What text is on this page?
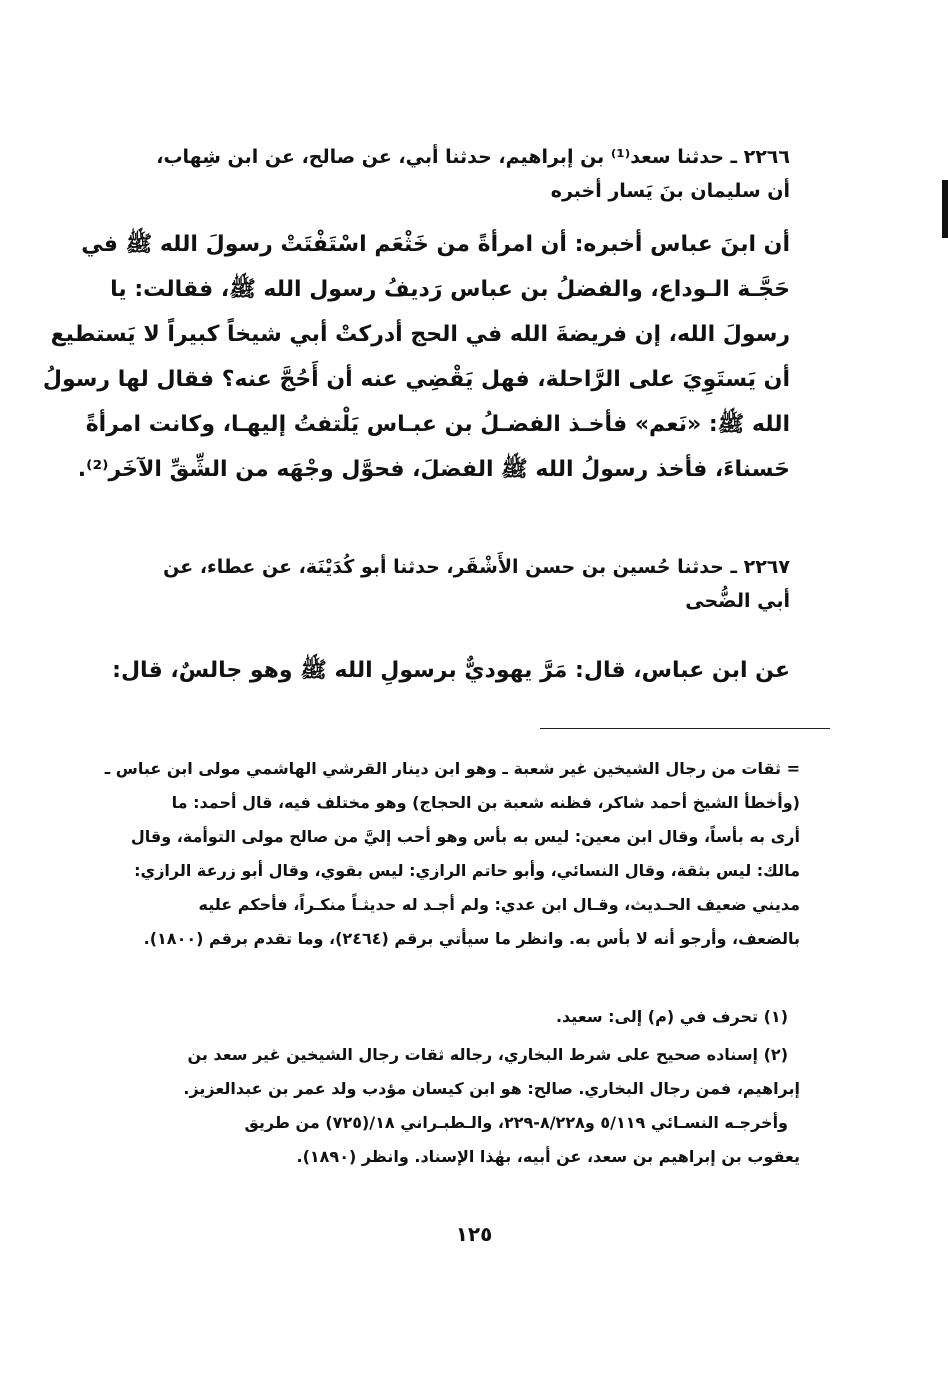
٢٢٦٦ ـ حدثنا سعد⁽¹⁾ بن إبراهيم، حدثنا أبي، عن صالح، عن ابن شِهاب،
أن سليمان بنَ يَسار أخبره
أن ابنَ عباس أخبره: أن امرأةً من خَثْعَم اسْتَفْتَتْ رسولَ الله ﷺ في
حَجَّـة الـوداع، والفضلُ بن عباس رَديفُ رسول الله ﷺ، فقالت: يا
رسولَ الله، إن فريضةَ الله في الحج أدركتْ أبي شيخاً كبيراً لا يَستطيع
أن يَستَوِيَ على الرَّاحلة، فهل يَقْضِي عنه أن أَحُجَّ عنه؟ فقال لها رسولُ
الله ﷺ: «نَعم» فأخـذ الفضـلُ بن عبـاس يَلْتفتُ إليهـا، وكانت امرأةً
حَسناءَ، فأخذ رسولُ الله ﷺ الفضلَ، فحوَّل وجْهَه من الشِّقِّ الآخَر⁽²⁾.
٢٢٦٧ ـ حدثنا حُسين بن حسن الأَشْقَر، حدثنا أبو كُدَيْنَة، عن عطاء، عن
أبي الضُّحى
عن ابن عباس، قال: مَرَّ يهوديٌّ برسولِ الله ﷺ وهو جالسٌ، قال:
= ثقات من رجال الشيخين غير شعبة ـ وهو ابن دينار القرشي الهاشمي مولى ابن عباس ـ
(وأخطأ الشيخ أحمد شاكر، فظنه شعبة بن الحجاج) وهو مختلف فيه، قال أحمد: ما
أرى به بأساً، وقال ابن معين: ليس به بأس وهو أحب إليَّ من صالح مولى التوأمة، وقال
مالك: ليس بثقة، وقال النسائي، وأبو حاتم الرازي: ليس بقوي، وقال أبو زرعة الرازي:
مديني ضعيف الحـديث، وقـال ابن عدي: ولم أجـد له حديثـاً منكـراً، فأحكم عليه
بالضعف، وأرجو أنه لا بأس به. وانظر ما سيأتي برقم (٢٤٦٤)، وما تقدم برقم (١٨٠٠).
(١) تحرف في (م) إلى: سعيد.
(٢) إسناده صحيح على شرط البخاري، رجاله ثقات رجال الشيخين غير سعد بن
إبراهيم، فمن رجال البخاري. صالح: هو ابن كيسان مؤدب ولد عمر بن عبدالعزيز.
وأخرجـه النسـائي ٥/١١٩ و٨/٢٢٨-٢٢٩، والـطبـراني ١٨/(٧٢٥) من طريق
يعقوب بن إبراهيم بن سعد، عن أبيه، بهٰذا الإسناد. وانظر (١٨٩٠).
١٢٥
